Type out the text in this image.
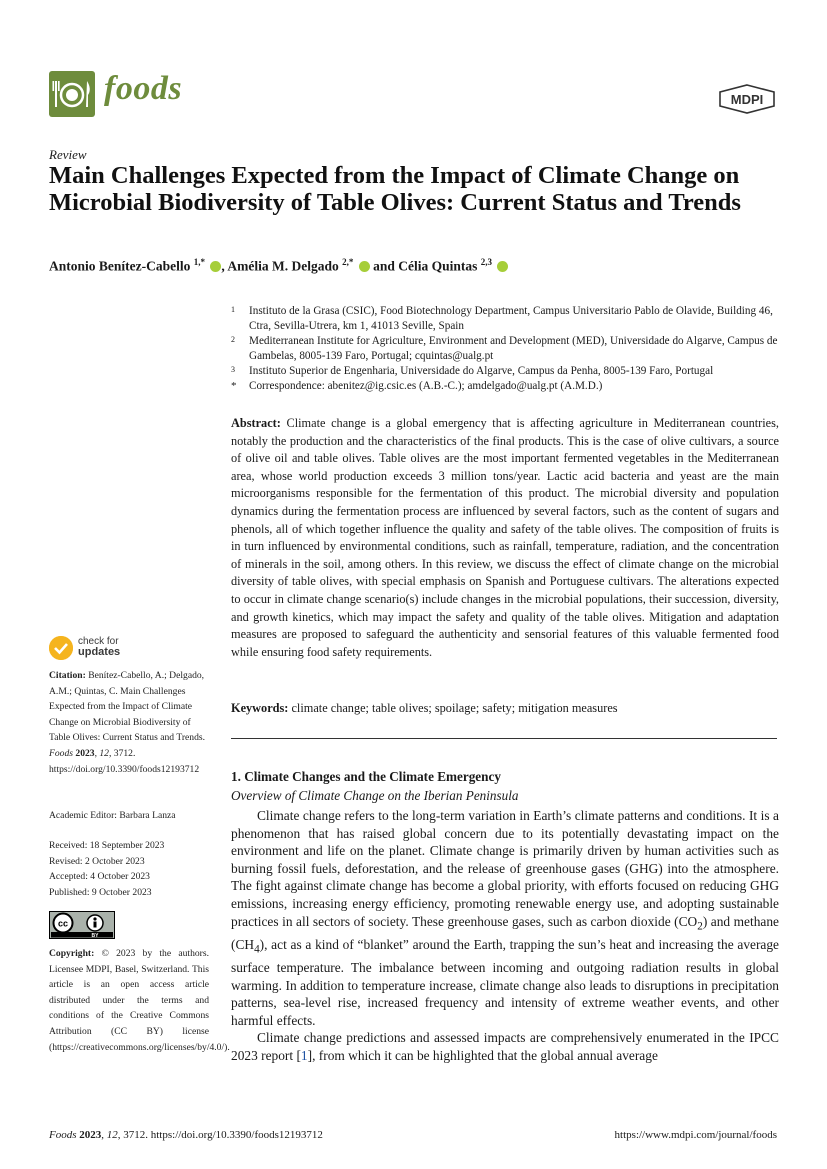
foods	MDPI
Review
Main Challenges Expected from the Impact of Climate Change on Microbial Biodiversity of Table Olives: Current Status and Trends
Antonio Benítez-Cabello $^{1,*}$ , Amélia M. Delgado $^{2,*}$  and Célia Quintas $^{2,3}$
1 Instituto de la Grasa (CSIC), Food Biotechnology Department, Campus Universitario Pablo de Olavide, Building 46, Ctra, Sevilla-Utrera, km 1, 41013 Seville, Spain
2 Mediterranean Institute for Agriculture, Environment and Development (MED), Universidade do Algarve, Campus de Gambelas, 8005-139 Faro, Portugal; cquintas@ualg.pt
3 Instituto Superior de Engenharia, Universidade do Algarve, Campus da Penha, 8005-139 Faro, Portugal
* Correspondence: abenitez@ig.csic.es (A.B.-C.); amdelgado@ualg.pt (A.M.D.)
Abstract: Climate change is a global emergency that is affecting agriculture in Mediterranean countries, notably the production and the characteristics of the final products. This is the case of olive cultivars, a source of olive oil and table olives. Table olives are the most important fermented vegetables in the Mediterranean area, whose world production exceeds 3 million tons/year. Lactic acid bacteria and yeast are the main microorganisms responsible for the fermentation of this product. The microbial diversity and population dynamics during the fermentation process are influenced by several factors, such as the content of sugars and phenols, all of which together influence the quality and safety of the table olives. The composition of fruits is in turn influenced by environmental conditions, such as rainfall, temperature, radiation, and the concentration of minerals in the soil, among others. In this review, we discuss the effect of climate change on the microbial diversity of table olives, with special emphasis on Spanish and Portuguese cultivars. The alterations expected to occur in climate change scenario(s) include changes in the microbial populations, their succession, diversity, and growth kinetics, which may impact the safety and quality of the table olives. Mitigation and adaptation measures are proposed to safeguard the authenticity and sensorial features of this valuable fermented food while ensuring food safety requirements.
Keywords: climate change; table olives; spoilage; safety; mitigation measures
check for
updates
Citation: Benítez-Cabello, A.; Delgado, A.M.; Quintas, C. Main Challenges Expected from the Impact of Climate Change on Microbial Biodiversity of Table Olives: Current Status and Trends. Foods 2023, 12, 3712. https://doi.org/10.3390/foods12193712
Academic Editor: Barbara Lanza
Received: 18 September 2023
Revised: 2 October 2023
Accepted: 4 October 2023
Published: 9 October 2023
cc
BY
Copyright: © 2023 by the authors. Licensee MDPI, Basel, Switzerland. This article is an open access article distributed under the terms and conditions of the Creative Commons Attribution (CC BY) license (https://creativecommons.org/licenses/by/4.0/).
1. Climate Changes and the Climate Emergency
Overview of Climate Change on the Iberian Peninsula

Climate change refers to the long-term variation in Earth’s climate patterns and conditions. It is a phenomenon that has raised global concern due to its potentially devastating impact on the environment and life on the planet. Climate change is primarily driven by human activities such as burning fossil fuels, deforestation, and the release of greenhouse gases (GHG) into the atmosphere. The fight against climate change has become a global priority, with efforts focused on reducing GHG emissions, increasing energy efficiency, promoting renewable energy use, and adopting sustainable practices in all sectors of society. These greenhouse gases, such as carbon dioxide $(CO_2)$ and methane $(CH_4)$, act as a kind of “blanket” around the Earth, trapping the sun’s heat and increasing the average surface temperature. The imbalance between incoming and outgoing radiation results in global warming. In addition to temperature increase, climate change also leads to disruptions in precipitation patterns, sea-level rise, increased frequency and intensity of extreme weather events, and other harmful effects.

Climate change predictions and assessed impacts are comprehensively enumerated in the IPCC 2023 report [1], from which it can be highlighted that the global annual average

Foods 2023, 12, 3712. https://doi.org/10.3390/foods12193712	https://www.mdpi.com/journal/foods
